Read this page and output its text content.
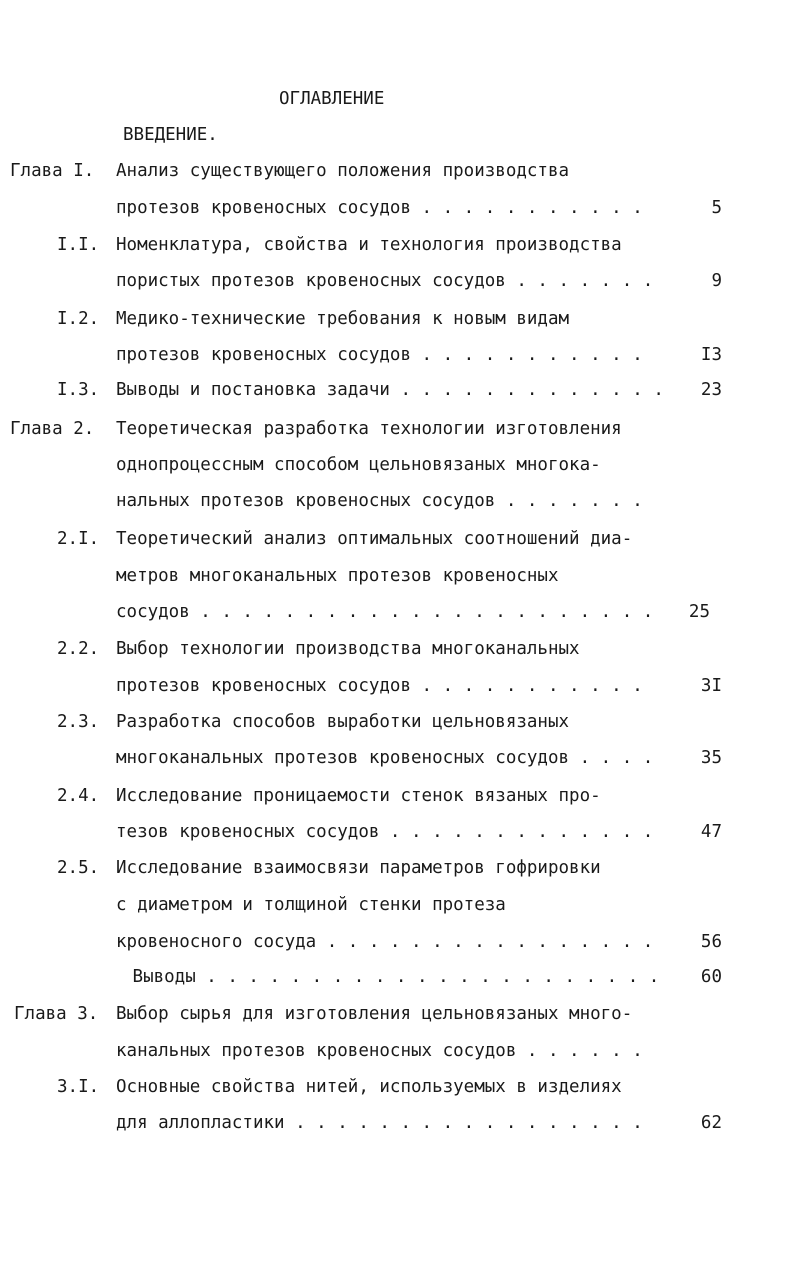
ОГЛАВЛЕНИЕ
ВВЕДЕНИЕ.
Глава I. Анализ существующего положения производства
протезов кровеносных сосудов . . . . . . . . . . .	5
I.I. Номенклатура, свойства и технология производства
пористых протезов кровеносных сосудов . . . . . . .	9
I.2. Медико-технические требования к новым видам
протезов кровеносных сосудов . . . . . . . . . . .	I3
I.3. Выводы и постановка задачи . . . . . . . . . . . . .	23
Глава 2. Теоретическая разработка технологии изготовления
однопроцессным способом цельновязаных многока-
нальных протезов кровеносных сосудов . . . . . . .
2.I. Теоретический анализ оптимальных соотношений диа-
метров многоканальных протезов кровеносных
сосудов . . . . . . . . . . . . . . . . . . . . . .	25
2.2. Выбор технологии производства многоканальных
протезов кровеносных сосудов . . . . . . . . . . .	3I
2.3. Разработка способов выработки цельновязаных
многоканальных протезов кровеносных сосудов . . . .	35
2.4. Исследование проницаемости стенок вязаных про-
тезов кровеносных сосудов . . . . . . . . . . . . .	47
2.5. Исследование взаимосвязи параметров гофрировки
с диаметром и толщиной стенки протеза
кровеносного сосуда . . . . . . . . . . . . . . . .	56
Выводы . . . . . . . . . . . . . . . . . . . . . .	60
Глава 3. Выбор сырья для изготовления цельновязаных много-
канальных протезов кровеносных сосудов . . . . . .
3.I. Основные свойства нитей, используемых в изделиях
для аллопластики . . . . . . . . . . . . . . . . .	62
